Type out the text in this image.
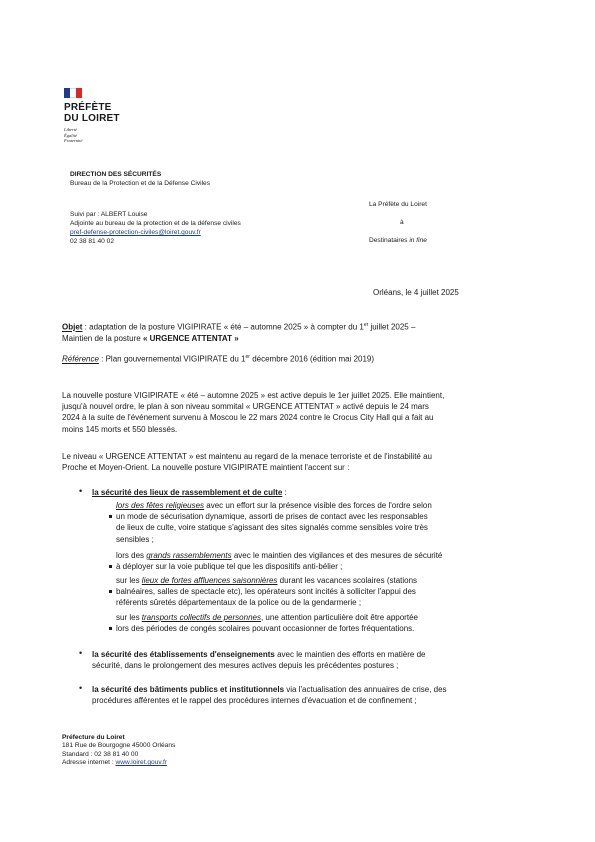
PRÉFÈTE
DU LOIRET
Liberté
Égalité
Fraternité
DIRECTION DES SÉCURITÉS
Bureau de la Protection et de la Défense Civiles
Suivi par : ALBERT Louise
Adjointe au bureau de la protection et de la défense civiles
pref-defense-protection-civiles@loiret.gouv.fr
02 38 81 40 02
La Préfète du Loiret
à
Destinataires in fine
Orléans, le 4 juillet 2025
Objet : adaptation de la posture VIGIPIRATE « été – automne 2025 » à compter du 1er juillet 2025 –
Maintien de la posture « URGENCE ATTENTAT »
Référence : Plan gouvernemental VIGIPIRATE du 1er décembre 2016 (édition mai 2019)
La nouvelle posture VIGIPIRATE « été – automne 2025 » est active depuis le 1er juillet 2025. Elle maintient,
jusqu'à nouvel ordre, le plan à son niveau sommital « URGENCE ATTENTAT » activé depuis le 24 mars
2024 à la suite de l'événement survenu à Moscou le 22 mars 2024 contre le Crocus City Hall qui a fait au
moins 145 morts et 550 blessés.
Le niveau « URGENCE ATTENTAT » est maintenu au regard de la menace terroriste et de l'instabilité au
Proche et Moyen-Orient. La nouvelle posture VIGIPIRATE maintient l'accent sur :
• la sécurité des lieux de rassemblement et de culte :
lors des fêtes religieuses avec un effort sur la présence visible des forces de l'ordre selon
un mode de sécurisation dynamique, assorti de prises de contact avec les responsables
de lieux de culte, voire statique s'agissant des sites signalés comme sensibles voire très
sensibles ;
lors des grands rassemblements avec le maintien des vigilances et des mesures de sécurité
à déployer sur la voie publique tel que les dispositifs anti-bélier ;
sur les lieux de fortes affluences saisonnières durant les vacances scolaires (stations
balnéaires, salles de spectacle etc), les opérateurs sont incités à solliciter l'appui des
référents sûretés départementaux de la police ou de la gendarmerie ;
sur les transports collectifs de personnes, une attention particulière doit être apportée
lors des périodes de congés scolaires pouvant occasionner de fortes fréquentations.
• la sécurité des établissements d'enseignements avec le maintien des efforts en matière de
sécurité, dans le prolongement des mesures actives depuis les précédentes postures ;
• la sécurité des bâtiments publics et institutionnels via l'actualisation des annuaires de crise, des
procédures afférentes et le rappel des procédures internes d'évacuation et de confinement ;
Préfecture du Loiret
181 Rue de Bourgogne 45000 Orléans
Standard : 02 38 81 40 00
Adresse internet : www.loiret.gouv.fr
